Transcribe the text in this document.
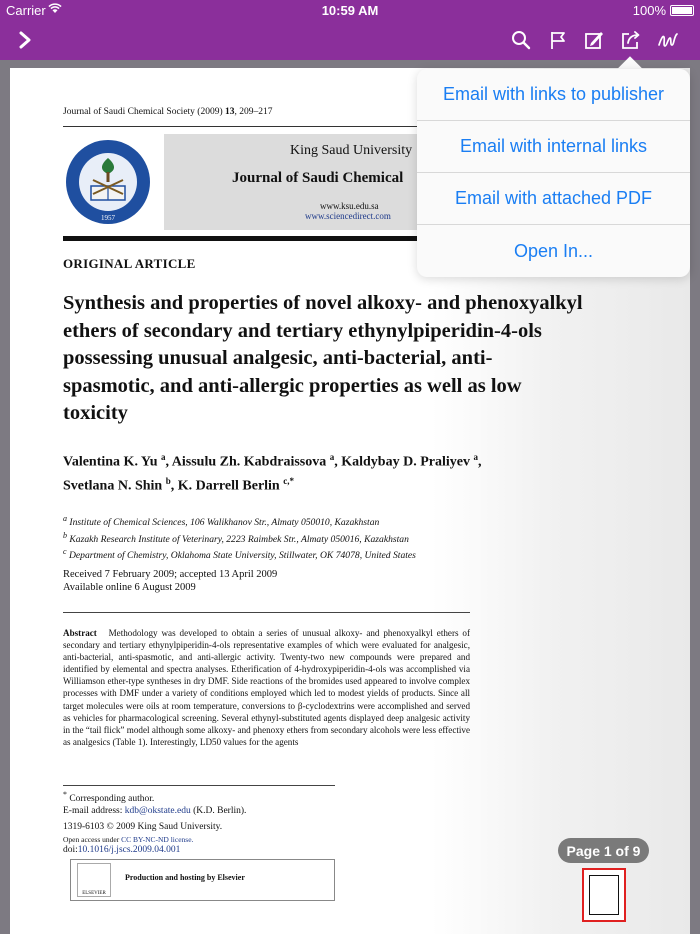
Carrier	10:59 AM	100%
Journal of Saudi Chemical Society (2009) 13, 209–217
1957
King Saud University
Journal of Saudi Chemical
www.ksu.edu.sa
www.sciencedirect.com
ORIGINAL ARTICLE
Synthesis and properties of novel alkoxy- and phenoxyalkyl ethers of secondary and tertiary ethynylpiperidin-4-ols possessing unusual analgesic, anti-bacterial, anti-spasmotic, and anti-allergic properties as well as low toxicity
Valentina K. Yu $^a$, Aissulu Zh. Kabdraissova $^a$, Kaldybay D. Praliyev $^a$,
Svetlana N. Shin $^b$, K. Darrell Berlin $^{c,*}$
$^a$ Institute of Chemical Sciences, 106 Walikhanov Str., Almaty 050010, Kazakhstan
$^b$ Kazakh Research Institute of Veterinary, 2223 Raimbek Str., Almaty 050016, Kazakhstan
$^c$ Department of Chemistry, Oklahoma State University, Stillwater, OK 74078, United States
Received 7 February 2009; accepted 13 April 2009
Available online 6 August 2009
Abstract Methodology was developed to obtain a series of unusual alkoxy- and phenoxyalkyl ethers of secondary and tertiary ethynylpiperidin-4-ols representative examples of which were evaluated for analgesic, anti-bacterial, anti-spasmotic, and anti-allergic activity. Twenty-two new compounds were prepared and identified by elemental and spectra analyses. Etherification of 4-hydroxypiperidin-4-ols was accomplished via Williamson ether-type syntheses in dry DMF. Side reactions of the bromides used appeared to involve complex processes with DMF under a variety of conditions employed which led to modest yields of products. Since all target molecules were oils at room temperature, conversions to β-cyclodextrins were accomplished and served as vehicles for pharmacological screening. Several ethynyl-substituted agents displayed deep analgesic activity in the “tail flick” model although some alkoxy- and phenoxy ethers from secondary alcohols were less effective as analgesics (Table 1). Interestingly, LD50 values for the agents
* Corresponding author.
E-mail address: kdb@okstate.edu (K.D. Berlin).
1319-6103 © 2009 King Saud University.
Open access under CC BY-NC-ND license.
doi:10.1016/j.jscs.2009.04.001
ELSEVIER
Production and hosting by Elsevier
Email with links to publisher
Email with internal links
Email with attached PDF
Open In...
Page 1 of 9
